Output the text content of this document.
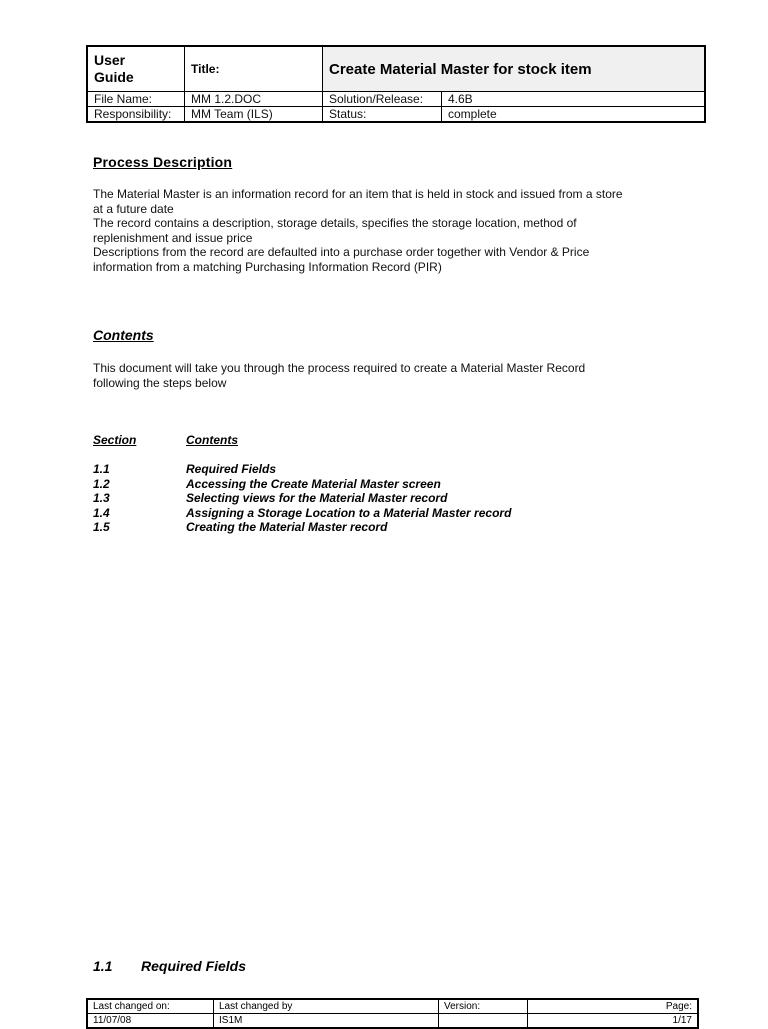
User Guide	Title:	Create Material Master for stock item	
File Name:	MM 1.2.DOC	Solution/Release:	4.6B
Responsibility:	MM Team (ILS)	Status:	complete
Process Description
The Material Master is an information record for an item that is held in stock and issued from a store
at a future date
The record contains a description, storage details, specifies the storage location, method of
replenishment and issue price
Descriptions from the record are defaulted into a purchase order together with Vendor & Price
information from a matching Purchasing Information Record (PIR)
Contents
This document will take you through the process required to create a Material Master Record
following the steps below
Section	Contents
1.1	Required Fields
1.2	Accessing the Create Material Master screen
1.3	Selecting views for the Material Master record
1.4	Assigning a Storage Location to a Material Master record
1.5	Creating the Material Master record
1.1 Required Fields
Last changed on:	Last changed by	Version:	Page:
11/07/08	IS1M		1/17
